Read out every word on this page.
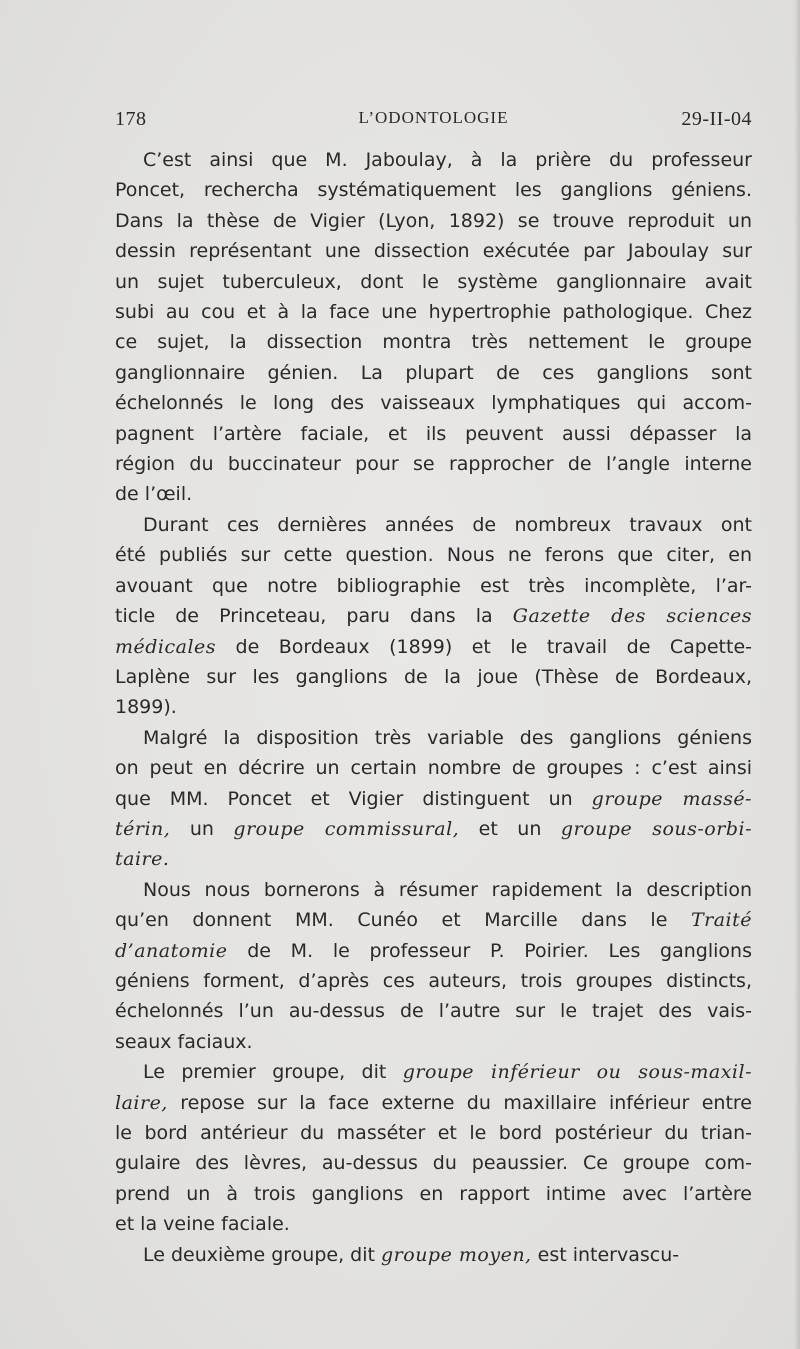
178	L’ODONTOLOGIE	29-II-04
C’est ainsi que M. Jaboulay, à la prière du professeur
Poncet, rechercha systématiquement les ganglions géniens.
Dans la thèse de Vigier (Lyon, 1892) se trouve reproduit un
dessin représentant une dissection exécutée par Jaboulay sur
un sujet tuberculeux, dont le système ganglionnaire avait
subi au cou et à la face une hypertrophie pathologique. Chez
ce sujet, la dissection montra très nettement le groupe
ganglionnaire génien. La plupart de ces ganglions sont
échelonnés le long des vaisseaux lymphatiques qui accom-
pagnent l’artère faciale, et ils peuvent aussi dépasser la
région du buccinateur pour se rapprocher de l’angle interne
de l’œil.
Durant ces dernières années de nombreux travaux ont
été publiés sur cette question. Nous ne ferons que citer, en
avouant que notre bibliographie est très incomplète, l’ar-
ticle de Princeteau, paru dans la Gazette des sciences
médicales de Bordeaux (1899) et le travail de Capette-
Laplène sur les ganglions de la joue (Thèse de Bordeaux,
1899).
Malgré la disposition très variable des ganglions géniens
on peut en décrire un certain nombre de groupes : c’est ainsi
que MM. Poncet et Vigier distinguent un groupe massé-
térin, un groupe commissural, et un groupe sous-orbi-
taire.
Nous nous bornerons à résumer rapidement la description
qu’en donnent MM. Cunéo et Marcille dans le Traité
d’anatomie de M. le professeur P. Poirier. Les ganglions
géniens forment, d’après ces auteurs, trois groupes distincts,
échelonnés l’un au-dessus de l’autre sur le trajet des vais-
seaux faciaux.
Le premier groupe, dit groupe inférieur ou sous-maxil-
laire, repose sur la face externe du maxillaire inférieur entre
le bord antérieur du masséter et le bord postérieur du trian-
gulaire des lèvres, au-dessus du peaussier. Ce groupe com-
prend un à trois ganglions en rapport intime avec l’artère
et la veine faciale.
Le deuxième groupe, dit groupe moyen, est intervascu-
